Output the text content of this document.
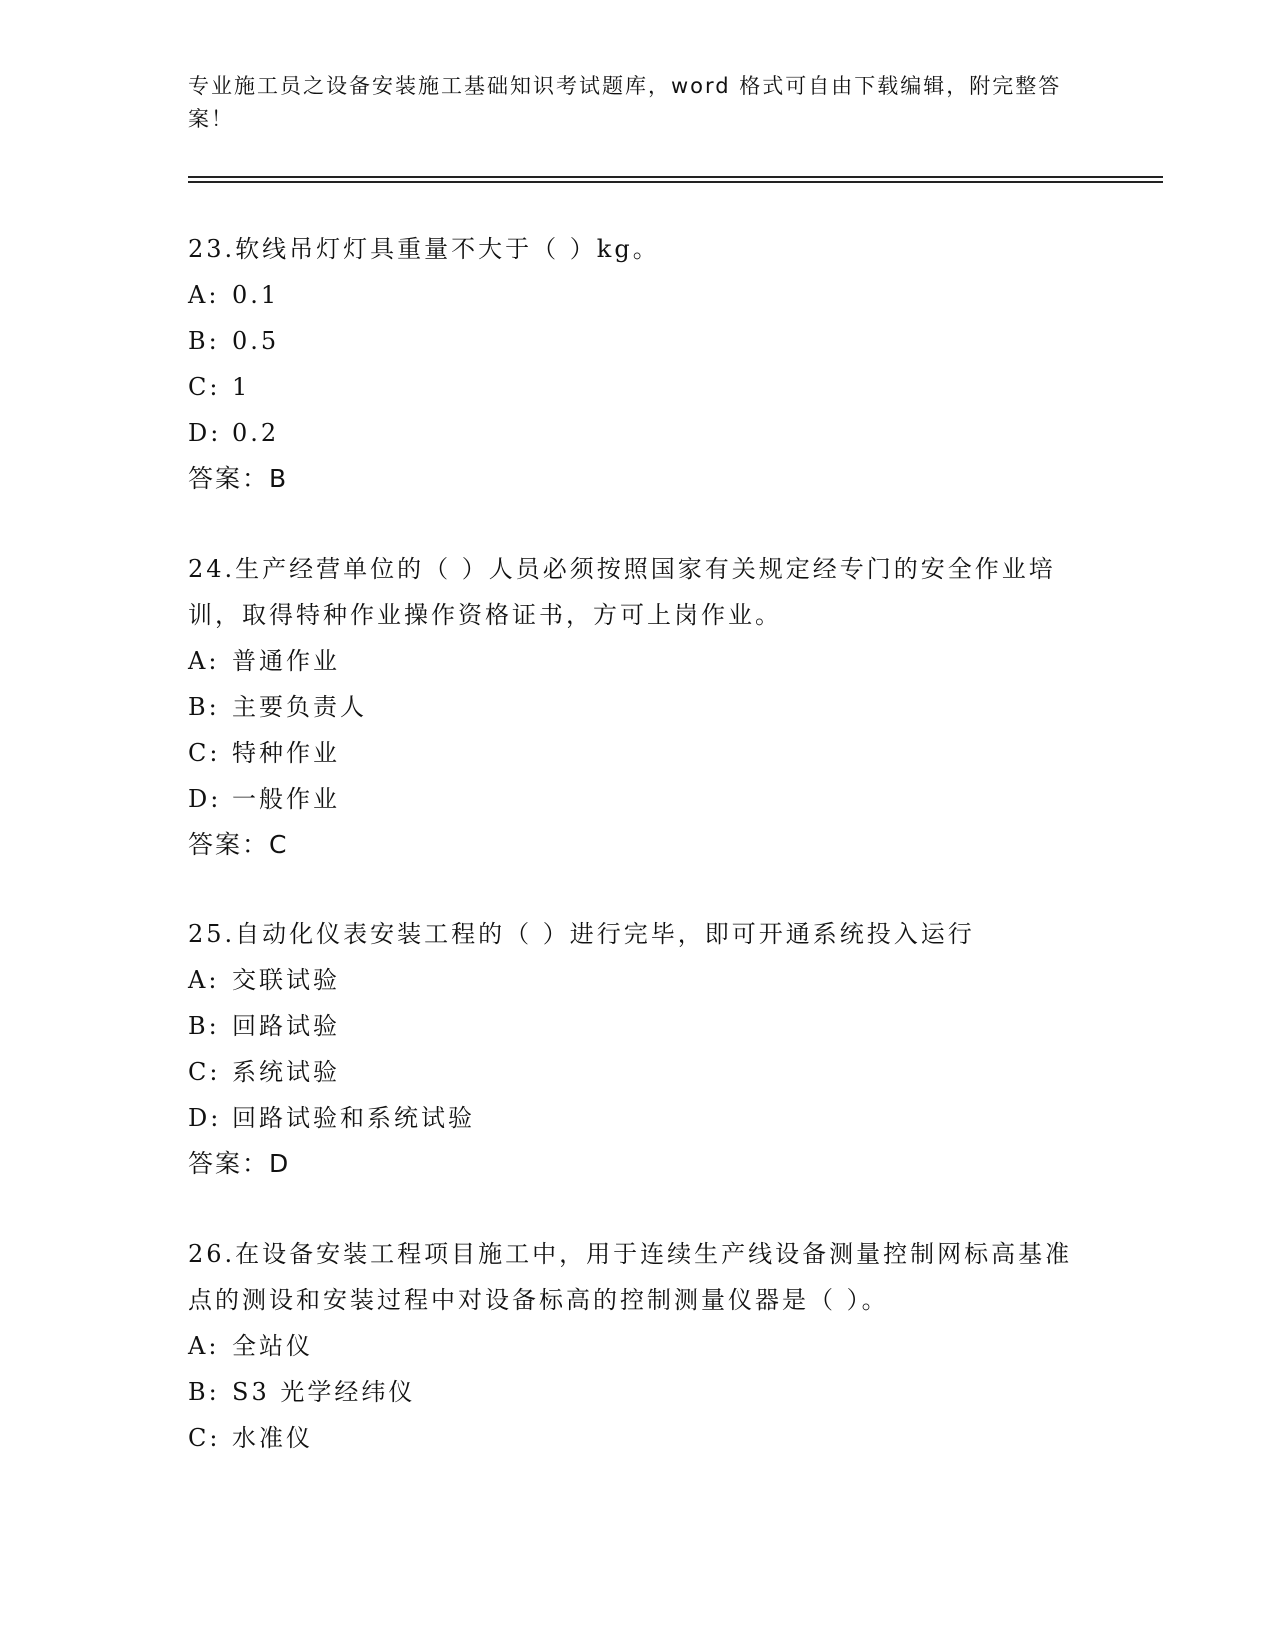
专业施工员之设备安装施工基础知识考试题库，word 格式可自由下载编辑，附完整答案！
23.软线吊灯灯具重量不大于（ ）kg。
A: 0.1
B: 0.5
C: 1
D: 0.2
答案：B
24.生产经营单位的（ ）人员必须按照国家有关规定经专门的安全作业培训，取得特种作业操作资格证书，方可上岗作业。
A: 普通作业
B: 主要负责人
C: 特种作业
D: 一般作业
答案：C
25.自动化仪表安装工程的（ ）进行完毕，即可开通系统投入运行
A: 交联试验
B: 回路试验
C: 系统试验
D: 回路试验和系统试验
答案：D
26.在设备安装工程项目施工中，用于连续生产线设备测量控制网标高基准点的测设和安装过程中对设备标高的控制测量仪器是（ ）。
A: 全站仪
B: S3 光学经纬仪
C: 水准仪
